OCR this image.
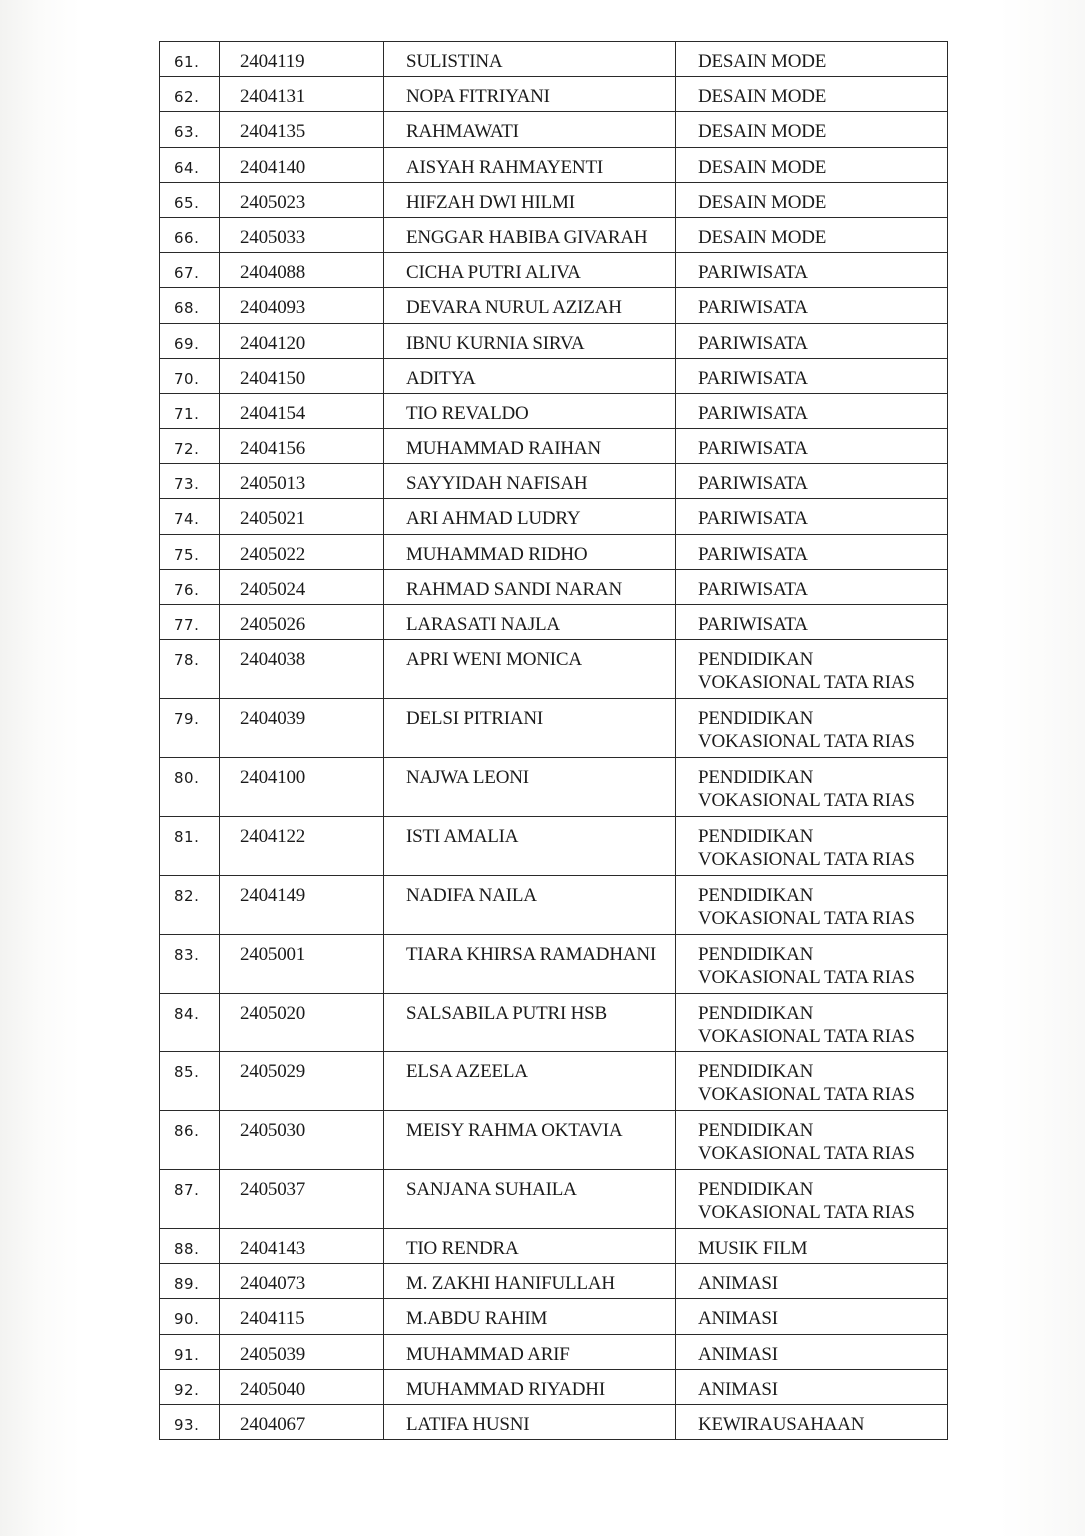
61.	2404119	SULISTINA	DESAIN MODE

62.	2404131	NOPA FITRIYANI	DESAIN MODE

63.	2404135	RAHMAWATI	DESAIN MODE

64.	2404140	AISYAH RAHMAYENTI	DESAIN MODE

65.	2405023	HIFZAH DWI HILMI	DESAIN MODE

66.	2405033	ENGGAR HABIBA GIVARAH	DESAIN MODE

67.	2404088	CICHA PUTRI ALIVA	PARIWISATA

68.	2404093	DEVARA NURUL AZIZAH	PARIWISATA

69.	2404120	IBNU KURNIA SIRVA	PARIWISATA

70.	2404150	ADITYA	PARIWISATA

71.	2404154	TIO REVALDO	PARIWISATA

72.	2404156	MUHAMMAD RAIHAN	PARIWISATA

73.	2405013	SAYYIDAH NAFISAH	PARIWISATA

74.	2405021	ARI AHMAD LUDRY	PARIWISATA

75.	2405022	MUHAMMAD RIDHO	PARIWISATA

76.	2405024	RAHMAD SANDI NARAN	PARIWISATA

77.	2405026	LARASATI NAJLA	PARIWISATA

78.	2404038	APRI WENI MONICA	PENDIDIKAN
VOKASIONAL TATA RIAS

79.	2404039	DELSI PITRIANI	PENDIDIKAN
VOKASIONAL TATA RIAS

80.	2404100	NAJWA LEONI	PENDIDIKAN
VOKASIONAL TATA RIAS

81.	2404122	ISTI AMALIA	PENDIDIKAN
VOKASIONAL TATA RIAS

82.	2404149	NADIFA NAILA	PENDIDIKAN
VOKASIONAL TATA RIAS

83.	2405001	TIARA KHIRSA RAMADHANI	PENDIDIKAN
VOKASIONAL TATA RIAS

84.	2405020	SALSABILA PUTRI HSB	PENDIDIKAN
VOKASIONAL TATA RIAS

85.	2405029	ELSA AZEELA	PENDIDIKAN
VOKASIONAL TATA RIAS

86.	2405030	MEISY RAHMA OKTAVIA	PENDIDIKAN
VOKASIONAL TATA RIAS

87.	2405037	SANJANA SUHAILA	PENDIDIKAN
VOKASIONAL TATA RIAS

88.	2404143	TIO RENDRA	MUSIK FILM

89.	2404073	M. ZAKHI HANIFULLAH	ANIMASI

90.	2404115	M.ABDU RAHIM	ANIMASI

91.	2405039	MUHAMMAD ARIF	ANIMASI

92.	2405040	MUHAMMAD RIYADHI	ANIMASI

93.	2404067	LATIFA HUSNI	KEWIRAUSAHAAN
